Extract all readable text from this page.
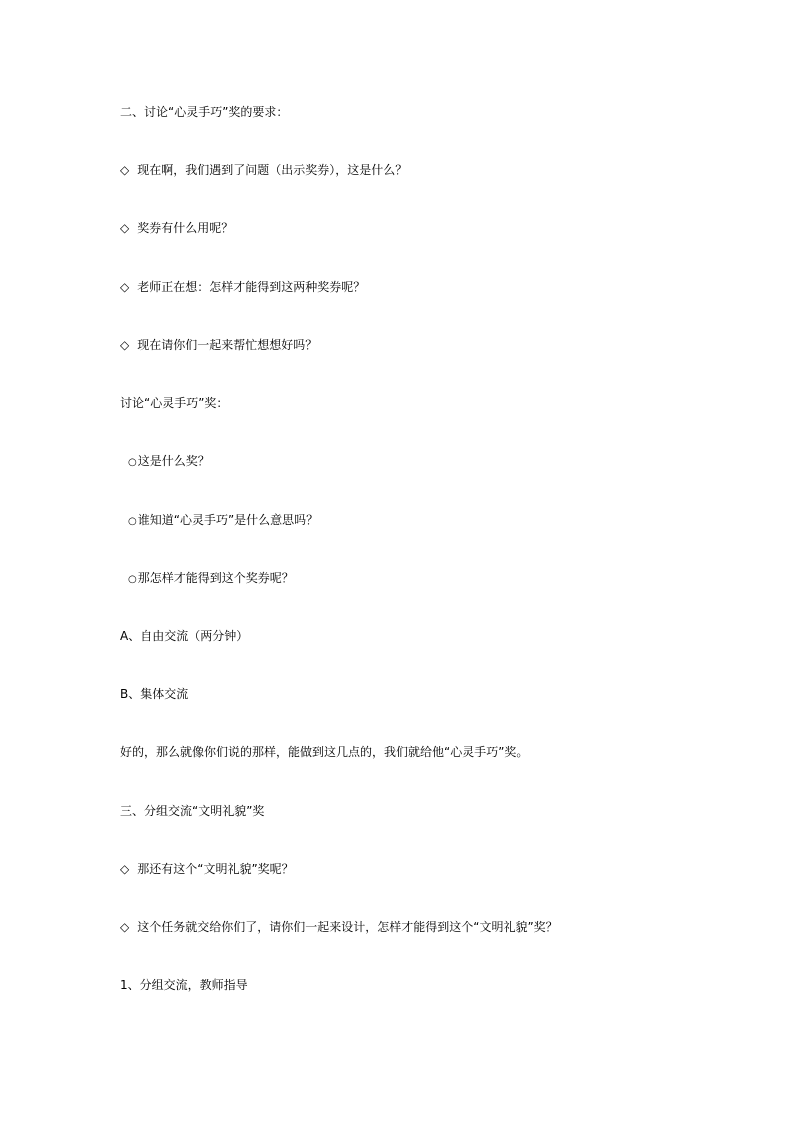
二、讨论“心灵手巧”奖的要求：
◇ 现在啊，我们遇到了问题（出示奖券），这是什么？
◇ 奖券有什么用呢？
◇ 老师正在想：怎样才能得到这两种奖券呢？
◇ 现在请你们一起来帮忙想想好吗？
讨论“心灵手巧”奖：
○这是什么奖？
○谁知道“心灵手巧”是什么意思吗？
○那怎样才能得到这个奖券呢？
A、自由交流（两分钟）
B、集体交流
好的，那么就像你们说的那样，能做到这几点的，我们就给他“心灵手巧”奖。
三、分组交流“文明礼貌”奖
◇ 那还有这个“文明礼貌”奖呢？
◇ 这个任务就交给你们了，请你们一起来设计，怎样才能得到这个“文明礼貌”奖？
1、分组交流，教师指导
